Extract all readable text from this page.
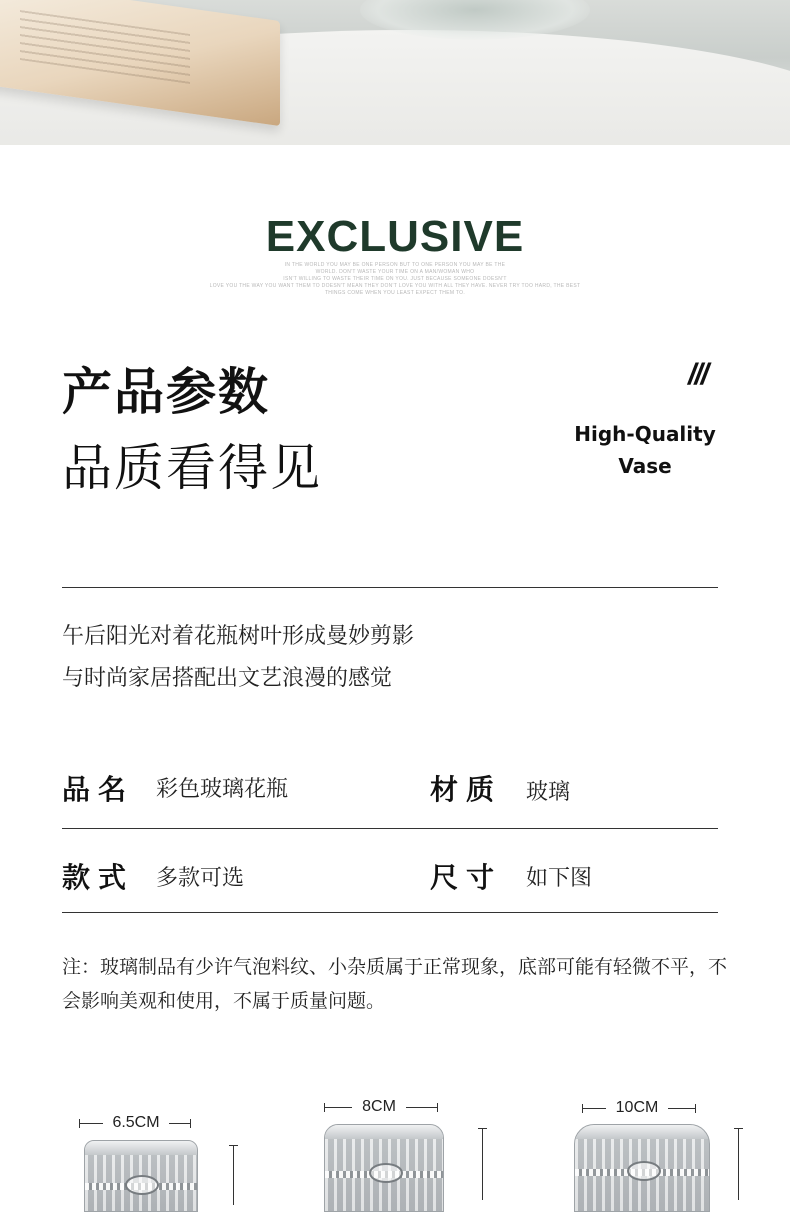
EXCLUSIVE
IN THE WORLD YOU MAY BE ONE PERSON BUT TO ONE PERSON YOU MAY BE THE
WORLD. DON'T WASTE YOUR TIME ON A MAN/WOMAN WHO
ISN'T WILLING TO WASTE THEIR TIME ON YOU. JUST BECAUSE SOMEONE DOESN'T
LOVE YOU THE WAY YOU WANT THEM TO DOESN'T MEAN THEY DON'T LOVE YOU WITH ALL THEY HAVE. NEVER TRY TOO HARD, THE BEST
THINGS COME WHEN YOU LEAST EXPECT THEM TO.
产品参数
品质看得见
///
High-Quality
Vase
午后阳光对着花瓶树叶形成曼妙剪影
与时尚家居搭配出文艺浪漫的感觉
品名 彩色玻璃花瓶	材质 玻璃
款式 多款可选	尺寸 如下图
注：玻璃制品有少许气泡料纹、小杂质属于正常现象，底部可能有轻微不平，不会影响美观和使用，不属于质量问题。
6.5CM
8CM	10CM
